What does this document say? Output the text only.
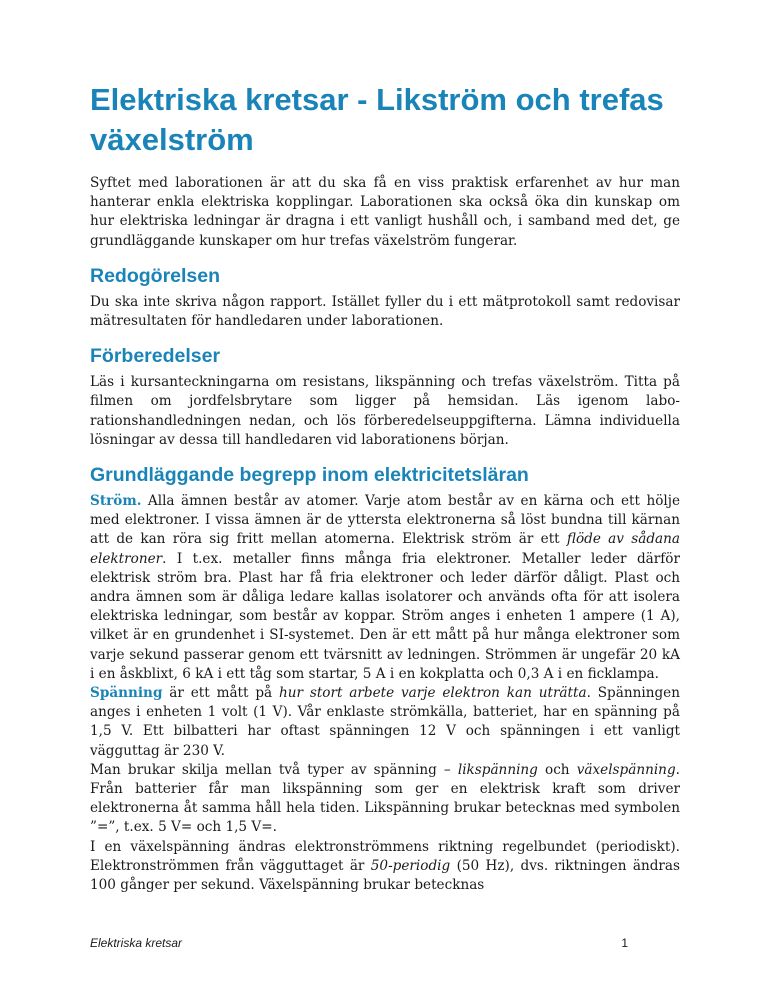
Elektriska kretsar - Likström och trefas växelström

Syftet med laborationen är att du ska få en viss praktisk erfarenhet av hur man hanterar enkla elektriska kopplingar. Laborationen ska också öka din kunskap om hur elektriska ledningar är dragna i ett vanligt hushåll och, i samband med det, ge grundläggande kunskaper om hur trefas växelström fungerar.

Redogörelsen

Du ska inte skriva någon rapport. Istället fyller du i ett mätprotokoll samt redovisar mätresultaten för handledaren under laborationen.

Förberedelser

Läs i kursanteckningarna om resistans, likspänning och trefas växelström. Titta på filmen om jordfelsbrytare som ligger på hemsidan. Läs igenom laborationshandledningen nedan, och lös förberedelseuppgifterna. Lämna individuella lösningar av dessa till handledaren vid laborationens början.

Grundläggande begrepp inom elektricitetsläran

Ström. Alla ämnen består av atomer. Varje atom består av en kärna och ett hölje med elektroner. I vissa ämnen är de yttersta elektronerna så löst bundna till kärnan att de kan röra sig fritt mellan atomerna. Elektrisk ström är ett flöde av sådana elektroner. I t.ex. metaller finns många fria elektroner. Metaller leder därför elektrisk ström bra. Plast har få fria elektroner och leder därför dåligt. Plast och andra ämnen som är dåliga ledare kallas isolatorer och används ofta för att isolera elektriska ledningar, som består av koppar. Ström anges i enheten 1 ampere (1 A), vilket är en grundenhet i SI-systemet. Den är ett mått på hur många elektroner som varje sekund passerar genom ett tvärsnitt av ledningen. Strömmen är ungefär 20 kA i en åskblixt, 6 kA i ett tåg som startar, 5 A i en kokplatta och 0,3 A i en ficklampa.

Spänning är ett mått på hur stort arbete varje elektron kan uträtta. Spänningen anges i enheten 1 volt (1 V). Vår enklaste strömkälla, batteriet, har en spänning på 1,5 V. Ett bilbatteri har oftast spänningen 12 V och spänningen i ett vanligt vägguttag är 230 V.

Man brukar skilja mellan två typer av spänning – likspänning och växelspänning. Från batterier får man likspänning som ger en elektrisk kraft som driver elektronerna åt samma håll hela tiden. Likspänning brukar betecknas med symbolen ”=”, t.ex. 5 V= och 1,5 V=.

I en växelspänning ändras elektronströmmens riktning regelbundet (periodiskt). Elektronströmmen från vägguttaget är 50-periodig (50 Hz), dvs. riktningen ändras 100 gånger per sekund. Växelspänning brukar betecknas

Elektriska kretsar	1
